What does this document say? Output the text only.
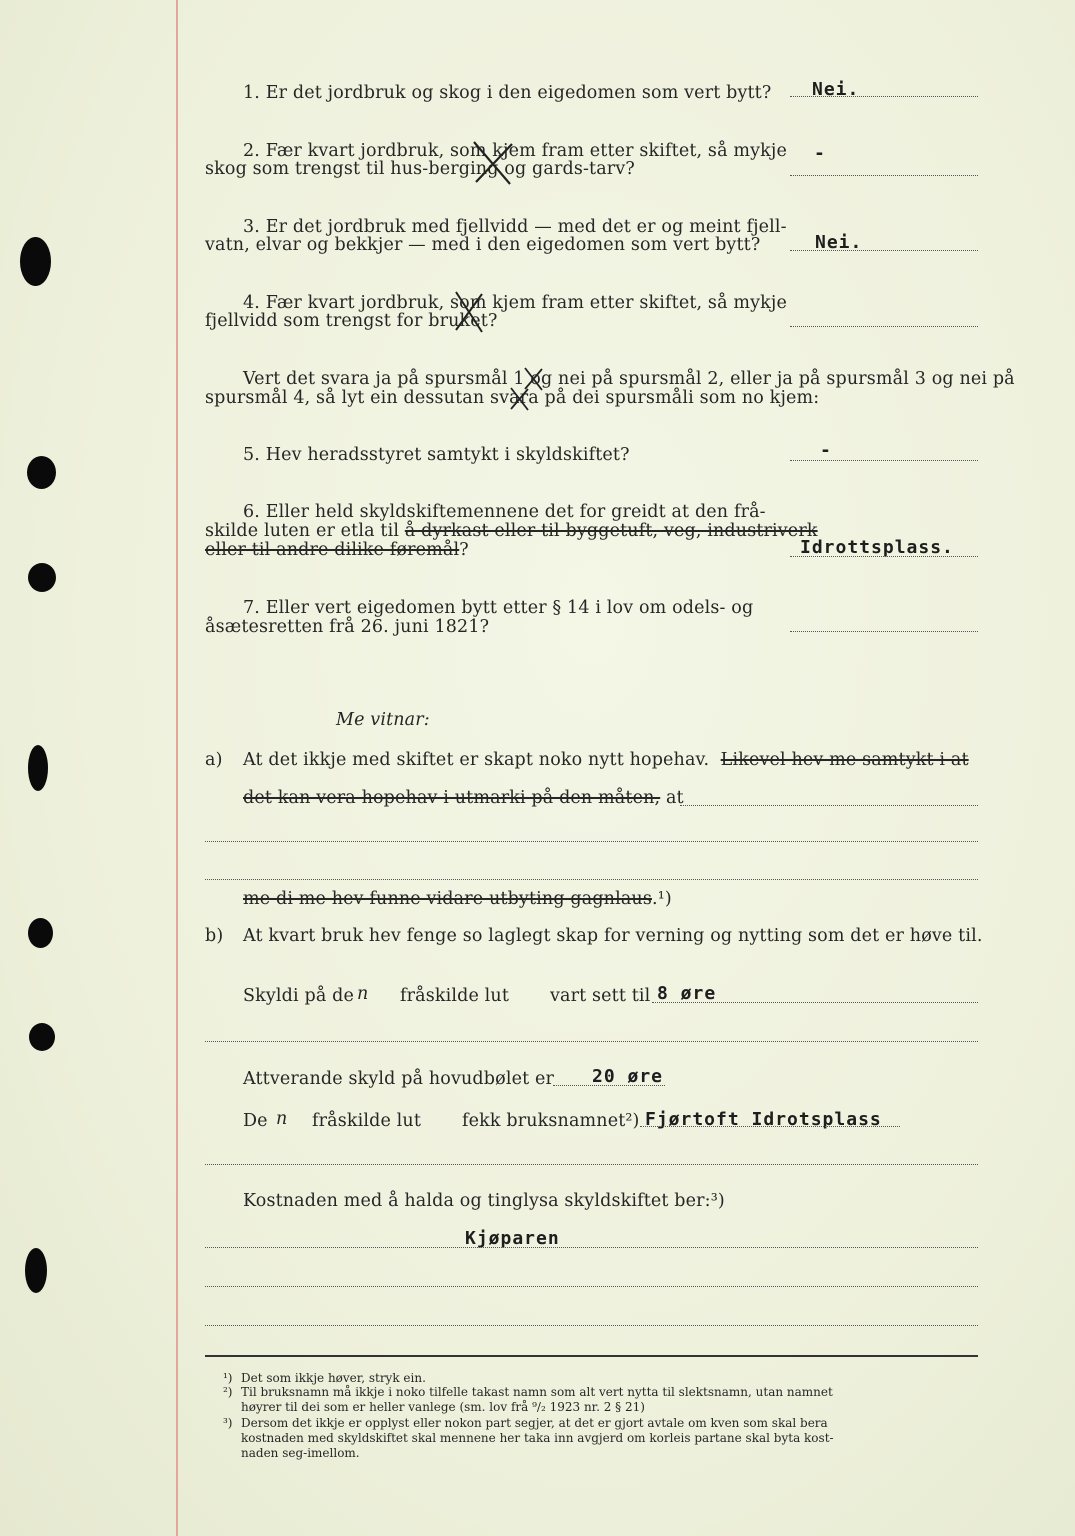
1. Er det jordbruk og skog i den eigedomen som vert bytt? Nei.
2. Fær kvart jordbruk, som kjem fram etter skiftet, så mykje
skog som trengst til hus-berging og gards-tarv?
-
3. Er det jordbruk med fjellvidd — med det er og meint fjell-
vatn, elvar og bekkjer — med i den eigedomen som vert bytt?	Nei.
4. Fær kvart jordbruk, som kjem fram etter skiftet, så mykje
fjellvidd som trengst for bruket?
Vert det svara ja på spursmål 1 og nei på spursmål 2, eller ja på spursmål 3 og nei på
spursmål 4, så lyt ein dessutan svara på dei spursmåli som no kjem:
5. Hev heradsstyret samtykt i skyldskiftet?	-
6. Eller held skyldskiftemennene det for greidt at den frå-
skilde luten er etla til å dyrkast eller til byggetuft, veg, industriverk
eller til andre dilike føremål?	Idrottsplass.
7. Eller vert eigedomen bytt etter § 14 i lov om odels- og
åsætesretten frå 26. juni 1821?
Me vitnar:
a) At det ikkje med skiftet er skapt noko nytt hopehav. Likevel hev me samtykt i at
det kan vera hopehav i utmarki på den måten, at
me di me hev funne vidare utbyting gagnlaus.¹)
b) At kvart bruk hev fenge so laglegt skap for verning og nytting som det er høve til.
Skyldi på de n fråskilde lut vart sett til 8 øre
Attverande skyld på hovudbølet er 20 øre
De n fråskilde lut fekk bruksnamnet²) Fjørtoft Idrotsplass
Kostnaden med å halda og tinglysa skyldskiftet ber:³)
Kjøparen
¹) Det som ikkje høver, stryk ein.
²) Til bruksnamn må ikkje i noko tilfelle takast namn som alt vert nytta til slektsnamn, utan namnet
høyrer til dei som er heller vanlege (sm. lov frå ⁹/₂ 1923 nr. 2 § 21)
³) Dersom det ikkje er opplyst eller nokon part segjer, at det er gjort avtale om kven som skal bera
kostnaden med skyldskiftet skal mennene her taka inn avgjerd om korleis partane skal byta kost-
naden seg-imellom.
